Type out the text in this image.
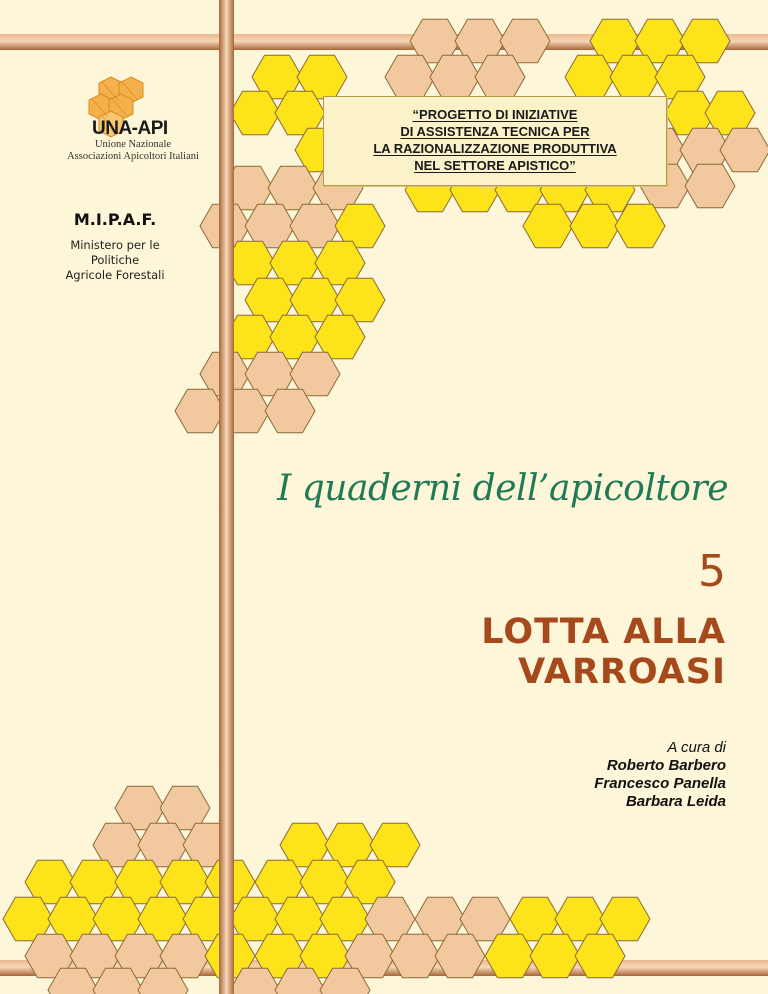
UNA-API
Unione Nazionale
Associazioni Apicoltori Italiani
M.I.P.A.F.
Ministero per le
Politiche
Agricole Forestali
“PROGETTO DI INIZIATIVE
DI ASSISTENZA TECNICA PER
LA RAZIONALIZZAZIONE PRODUTTIVA
NEL SETTORE APISTICO”
I quaderni dell’apicoltore
5
LOTTA ALLA
VARROASI
A cura di
Roberto Barbero
Francesco Panella
Barbara Leida
